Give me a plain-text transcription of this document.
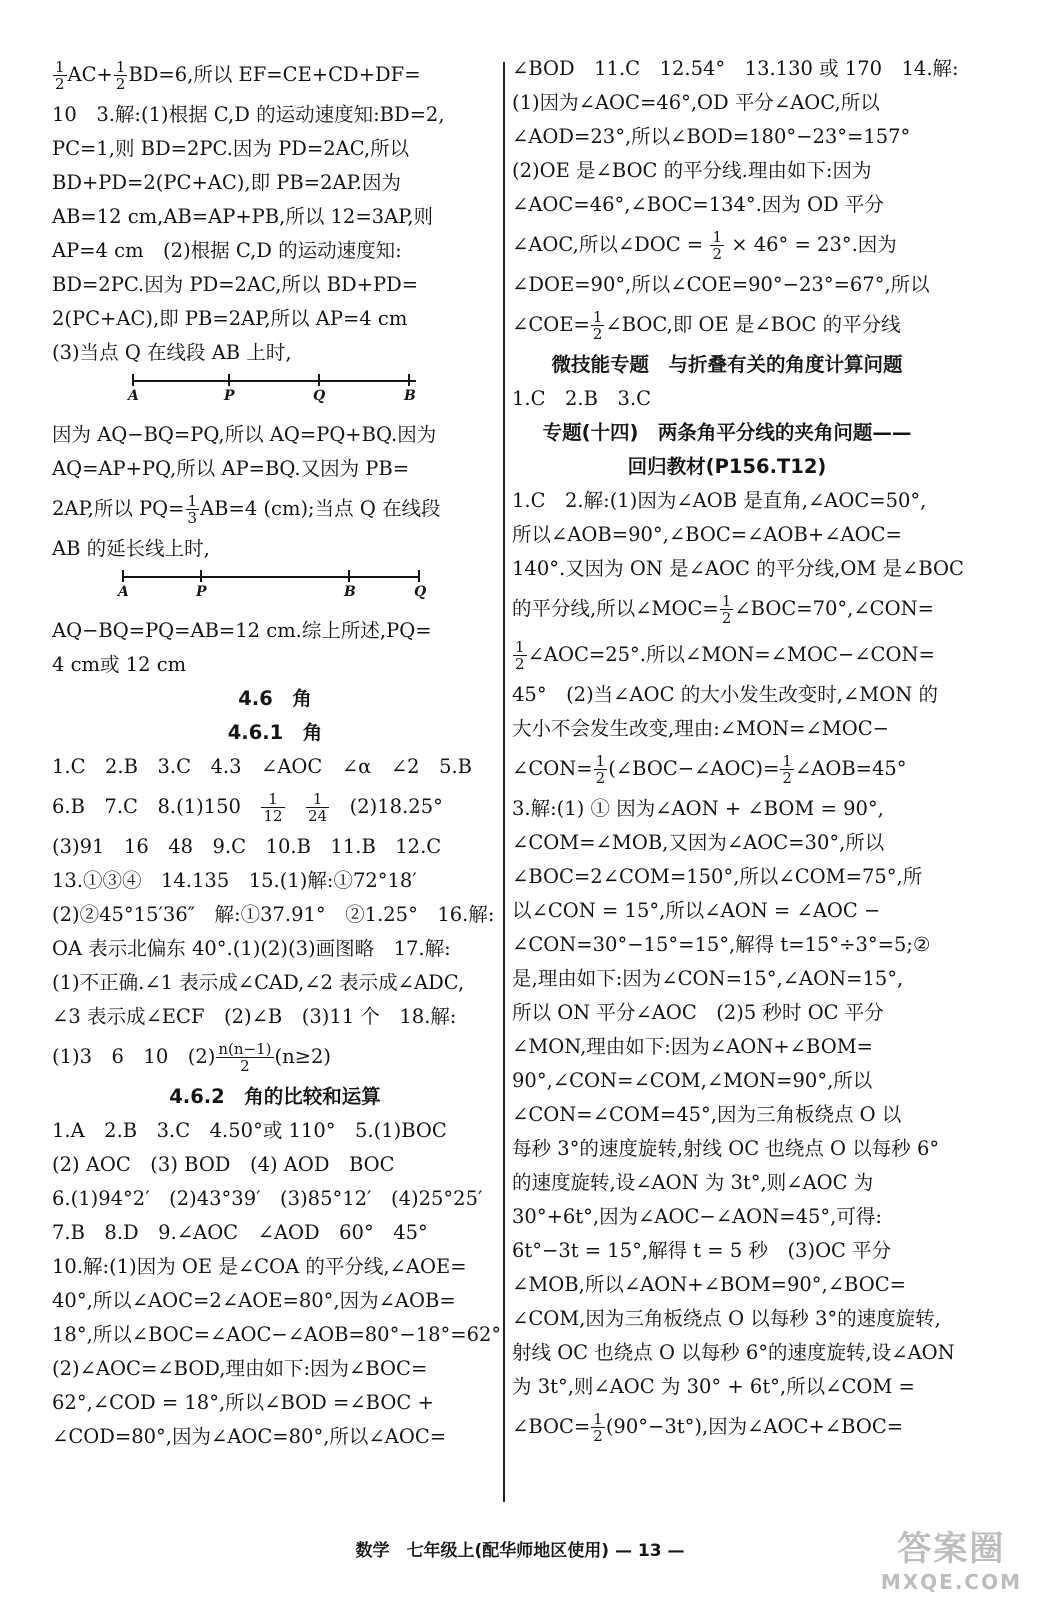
$\frac{1}{2} AC+ \frac{1}{2} BD=6$,所以 EF=CE+CD+DF=
10　3.解:(1)根据 C,D 的运动速度知:BD=2,
PC=1,则 BD=2PC.因为 PD=2AC,所以
BD+PD=2(PC+AC),即 PB=2AP.因为
AB=12 cm,AB=AP+PB,所以 12=3AP,则
AP=4 cm　(2)根据 C,D 的运动速度知:
BD=2PC.因为 PD=2AC,所以 BD+PD=
2(PC+AC),即 PB=2AP,所以 AP=4 cm
(3)当点 Q 在线段 AB 上时,
A	P	Q	B
因为 AQ−BQ=PQ,所以 AQ=PQ+BQ.因为
AQ=AP+PQ,所以 AP=BQ.又因为 PB=
2AP,所以 $PQ= \frac{1}{3} AB=4$ (cm);当点 Q 在线段
AB 的延长线上时,
A	P	B	Q
AQ−BQ=PQ=AB=12 cm.综上所述,PQ=
4 cm或 12 cm
4.6　角
4.6.1　角
1.C　2.B　3.C　4.3　∠AOC　∠α　∠2　5.B
6.B　7.C　8.(1)150　 $\frac{1}{12}$
　 $\frac{1}{24}$
　 (2)18.25°
(3)91　16　48　9.C　10.B　11.B　12.C
13.①③④　14.135　15.(1)解:①72°18′
(2)②45°15′36″　解:①37.91°　②1.25°　16.解:
OA 表示北偏东 40°.(1)(2)(3)画图略　17.解:
(1)不正确.∠1 表示成∠CAD,∠2 表示成∠ADC,
∠3 表示成∠ECF　(2)∠B　(3)11 个　18.解:
(1)3　6　10　$(2) \frac{n(n-1)}{2} (n\ge 2)$
4.6.2　角的比较和运算
1.A　2.B　3.C　4.50°或 110°　5.(1)BOC
(2) AOC　(3) BOD　(4) AOD　BOC
6.(1)94°2′　(2)43°39′　(3)85°12′　(4)25°25′
7.B　8.D　9.∠AOC　∠AOD　60°　45°
10.解:(1)因为 OE 是∠COA 的平分线,∠AOE=
40°,所以∠AOC=2∠AOE=80°,因为∠AOB=
18°,所以∠BOC=∠AOC−∠AOB=80°−18°=62°
(2)∠AOC=∠BOD,理由如下:因为∠BOC=
62°,∠COD = 18°,所以∠BOD =∠BOC +
∠COD=80°,因为∠AOC=80°,所以∠AOC=
∠BOD　11.C　12.54°　13.130 或 170　14.解:
(1)因为∠AOC=46°,OD 平分∠AOC,所以
∠AOD=23°,所以∠BOD=180°−23°=157°
(2)OE 是∠BOC 的平分线.理由如下:因为
∠AOC=46°,∠BOC=134°.因为 OD 平分
∠AOC,所以∠DOC = $\frac{1}{2} \times 46^\circ = 23^\circ$.因为
∠DOE=90°,所以∠COE=90°−23°=67°,所以
∠COE= $\frac{1}{2}$ ∠BOC,即 OE 是∠BOC 的平分线
微技能专题　与折叠有关的角度计算问题
1.C　2.B　3.C
专题(十四)　两条角平分线的夹角问题——
回归教材(P156.T12)
1.C　2.解:(1)因为∠AOB 是直角,∠AOC=50°,
所以∠AOB=90°,∠BOC=∠AOB+∠AOC=
140°.又因为 ON 是∠AOC 的平分线,OM 是∠BOC
的平分线,所以∠MOC= $\frac{1}{2}$ ∠BOC=70°,∠CON=
$\frac{1}{2}$ ∠AOC=25°.所以∠MON=∠MOC−∠CON=
45°　(2)当∠AOC 的大小发生改变时,∠MON 的
大小不会发生改变,理由:∠MON=∠MOC−
∠CON= $\frac{1}{2}$ (∠BOC−∠AOC)= $\frac{1}{2}$ ∠AOB=45°
3.解:(1) ① 因为∠AON + ∠BOM = 90°,
∠COM=∠MOB,又因为∠AOC=30°,所以
∠BOC=2∠COM=150°,所以∠COM=75°,所
以∠CON = 15°,所以∠AON = ∠AOC −
∠CON=30°−15°=15°,解得 t=15°÷3°=5;②
是,理由如下:因为∠CON=15°,∠AON=15°,
所以 ON 平分∠AOC　(2)5 秒时 OC 平分
∠MON,理由如下:因为∠AON+∠BOM=
90°,∠CON=∠COM,∠MON=90°,所以
∠CON=∠COM=45°,因为三角板绕点 O 以
每秒 3°的速度旋转,射线 OC 也绕点 O 以每秒 6°
的速度旋转,设∠AON 为 3t°,则∠AOC 为
30°+6t°,因为∠AOC−∠AON=45°,可得:
6t°−3t = 15°,解得 t = 5 秒　(3)OC 平分
∠MOB,所以∠AON+∠BOM=90°,∠BOC=
∠COM,因为三角板绕点 O 以每秒 3°的速度旋转,
射线 OC 也绕点 O 以每秒 6°的速度旋转,设∠AON
为 3t°,则∠AOC 为 30° + 6t°,所以∠COM =
∠BOC= $\frac{1}{2} (90^\circ-3t^\circ)$,因为∠AOC+∠BOC=
数学　七年级上(配华师地区使用) — 13 —	答案圈
MXQE.COM
